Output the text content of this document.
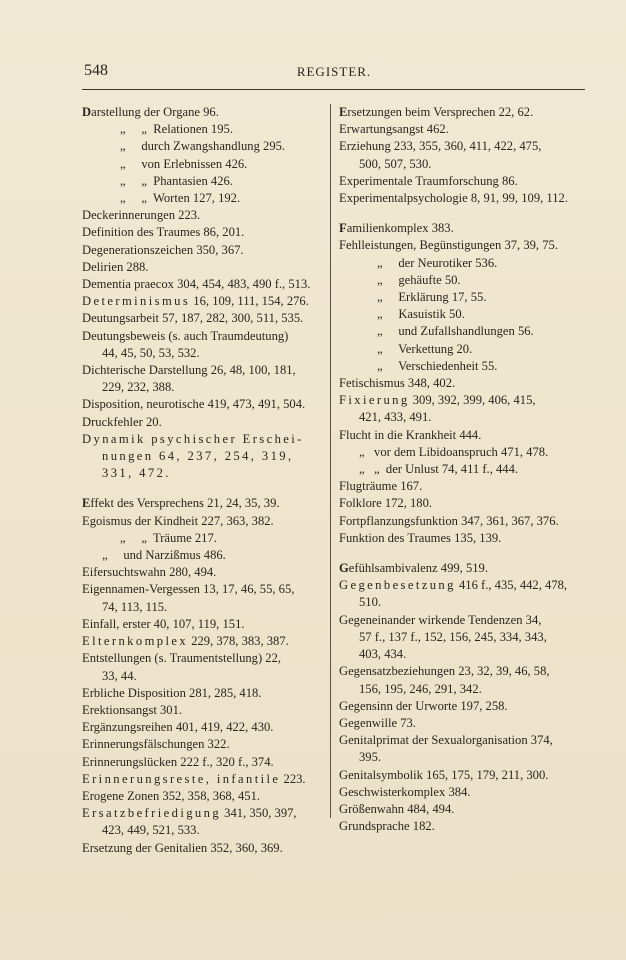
548	REGISTER.
Darstellung der Organe 96.
„     „  Relationen 195.
„     durch Zwangshandlung 295.
„     von Erlebnissen 426.
„     „  Phantasien 426.
„     „  Worten 127, 192.
Deckerinnerungen 223.
Definition des Traumes 86, 201.
Degenerationszeichen 350, 367.
Delirien 288.
Dementia praecox 304, 454, 483, 490 f., 513.
Determinismus 16, 109, 111, 154, 276.
Deutungsarbeit 57, 187, 282, 300, 511, 535.
Deutungsbeweis (s. auch Traumdeutung)
44, 45, 50, 53, 532.
Dichterische Darstellung 26, 48, 100, 181,
229, 232, 388.
Disposition, neurotische 419, 473, 491, 504.
Druckfehler 20.
Dynamik psychischer Erschei-
nungen 64, 237, 254, 319, 331, 472.
Effekt des Versprechens 21, 24, 35, 39.
Egoismus der Kindheit 227, 363, 382.
„     „  Träume 217.
„     und Narzißmus 486.
Eifersuchtswahn 280, 494.
Eigennamen-Vergessen 13, 17, 46, 55, 65,
74, 113, 115.
Einfall, erster 40, 107, 119, 151.
Elternkomplex 229, 378, 383, 387.
Entstellungen (s. Traumentstellung) 22,
33, 44.
Erbliche Disposition 281, 285, 418.
Erektionsangst 301.
Ergänzungsreihen 401, 419, 422, 430.
Erinnerungsfälschungen 322.
Erinnerungslücken 222 f., 320 f., 374.
Erinnerungsreste, infantile 223.
Erogene Zonen 352, 358, 368, 451.
Ersatzbefriedigung 341, 350, 397,
423, 449, 521, 533.
Ersetzung der Genitalien 352, 360, 369.
Ersetzungen beim Versprechen 22, 62.
Erwartungsangst 462.
Erziehung 233, 355, 360, 411, 422, 475,
500, 507, 530.
Experimentale Traumforschung 86.
Experimentalpsychologie 8, 91, 99, 109, 112.
Familienkomplex 383.
Fehlleistungen, Begünstigungen 37, 39, 75.
„     der Neurotiker 536.
„     gehäufte 50.
„     Erklärung 17, 55.
„     Kasuistik 50.
„     und Zufallshandlungen 56.
„     Verkettung 20.
„     Verschiedenheit 55.
Fetischismus 348, 402.
Fixierung 309, 392, 399, 406, 415,
421, 433, 491.
Flucht in die Krankheit 444.
„   vor dem Libidoanspruch 471, 478.
„   „  der Unlust 74, 411 f., 444.
Flugträume 167.
Folklore 172, 180.
Fortpflanzungsfunktion 347, 361, 367, 376.
Funktion des Traumes 135, 139.
Gefühlsambivalenz 499, 519.
Gegenbesetzung 416 f., 435, 442, 478,
510.
Gegeneinander wirkende Tendenzen 34,
57 f., 137 f., 152, 156, 245, 334, 343,
403, 434.
Gegensatzbeziehungen 23, 32, 39, 46, 58,
156, 195, 246, 291, 342.
Gegensinn der Urworte 197, 258.
Gegenwille 73.
Genitalprimat der Sexualorganisation 374,
395.
Genitalsymbolik 165, 175, 179, 211, 300.
Geschwisterkomplex 384.
Größenwahn 484, 494.
Grundsprache 182.
